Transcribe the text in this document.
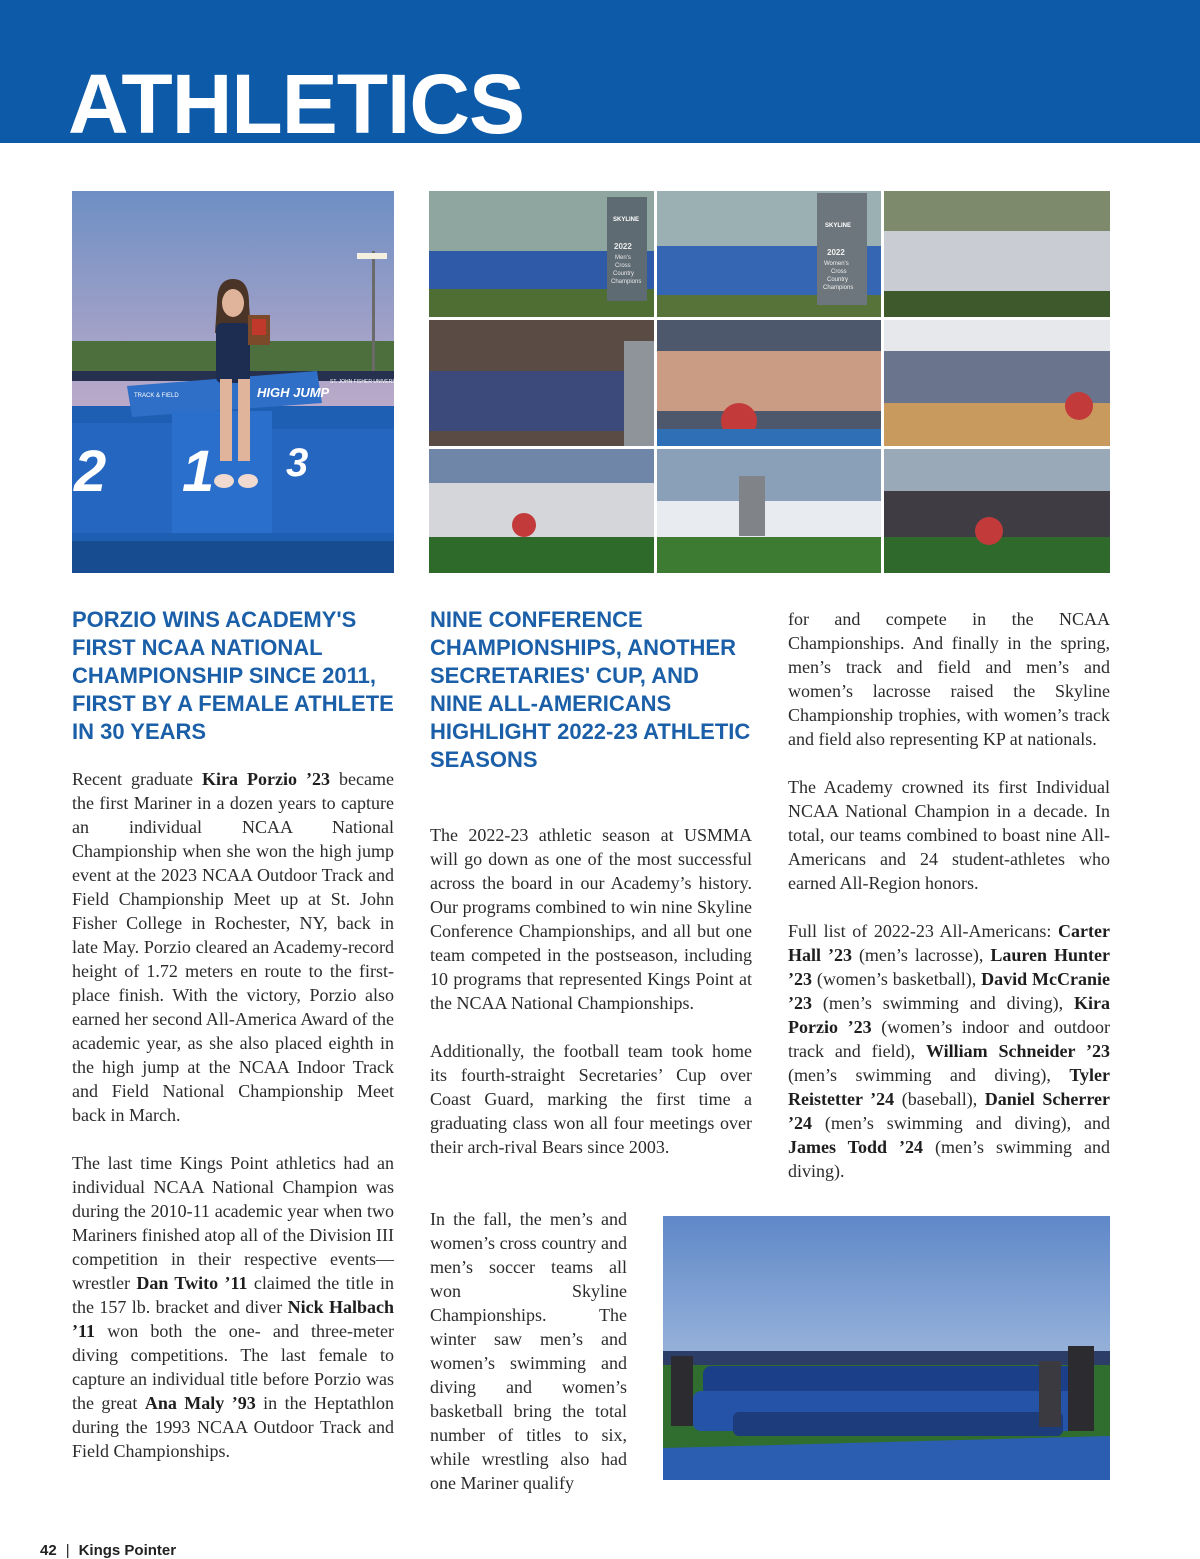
ATHLETICS
HIGH JUMP
TRACK & FIELD
ST. JOHN FISHER UNIVERSITY
2 1 3
SKYLINE
2022
Men's
Cross
Country
Champions
SKYLINE
2022
Women's
Cross
Country
Champions
PORZIO WINS ACADEMY'S FIRST NCAA NATIONAL CHAMPIONSHIP SINCE 2011, FIRST BY A FEMALE ATHLETE IN 30 YEARS

Recent graduate Kira Porzio ’23 became the first Mariner in a dozen years to capture an individual NCAA National Championship when she won the high jump event at the 2023 NCAA Outdoor Track and Field Championship Meet up at St. John Fisher College in Rochester, NY, back in late May. Porzio cleared an Academy-record height of 1.72 meters en route to the first-place finish. With the victory, Porzio also earned her second All-America Award of the academic year, as she also placed eighth in the high jump at the NCAA Indoor Track and Field National Championship Meet back in March.

The last time Kings Point athletics had an individual NCAA National Champion was during the 2010-11 academic year when two Mariners finished atop all of the Division III competition in their respective events—wrestler Dan Twito ’11 claimed the title in the 157 lb. bracket and diver Nick Halbach ’11 won both the one- and three-meter diving competitions. The last female to capture an individual title before Porzio was the great Ana Maly ’93 in the Heptathlon during the 1993 NCAA Outdoor Track and Field Championships.

NINE CONFERENCE CHAMPIONSHIPS, ANOTHER SECRETARIES' CUP, AND NINE ALL-AMERICANS HIGHLIGHT 2022-23 ATHLETIC SEASONS

The 2022-23 athletic season at USMMA will go down as one of the most successful across the board in our Academy’s history. Our programs combined to win nine Skyline Conference Championships, and all but one team competed in the postseason, including 10 programs that represented Kings Point at the NCAA National Championships.

Additionally, the football team took home its fourth-straight Secretaries’ Cup over Coast Guard, marking the first time a graduating class won all four meetings over their arch-rival Bears since 2003.

In the fall, the men’s and women’s cross country and men’s soccer teams all won Skyline Championships. The winter saw men’s and women’s swimming and diving and women’s basketball bring the total number of titles to six, while wrestling also had one Mariner qualify

for and compete in the NCAA Championships. And finally in the spring, men’s track and field and men’s and women’s lacrosse raised the Skyline Championship trophies, with women’s track and field also representing KP at nationals.

The Academy crowned its first Individual NCAA National Champion in a decade. In total, our teams combined to boast nine All-Americans and 24 student-athletes who earned All-Region honors.

Full list of 2022-23 All-Americans: Carter Hall ’23 (men’s lacrosse), Lauren Hunter ’23 (women’s basketball), David McCranie ’23 (men’s swimming and diving), Kira Porzio ’23 (women’s indoor and outdoor track and field), William Schneider ’23 (men’s swimming and diving), Tyler Reistetter ’24 (baseball), Daniel Scherrer ’24 (men’s swimming and diving), and James Todd ’24 (men’s swimming and diving).

42 | Kings Pointer
